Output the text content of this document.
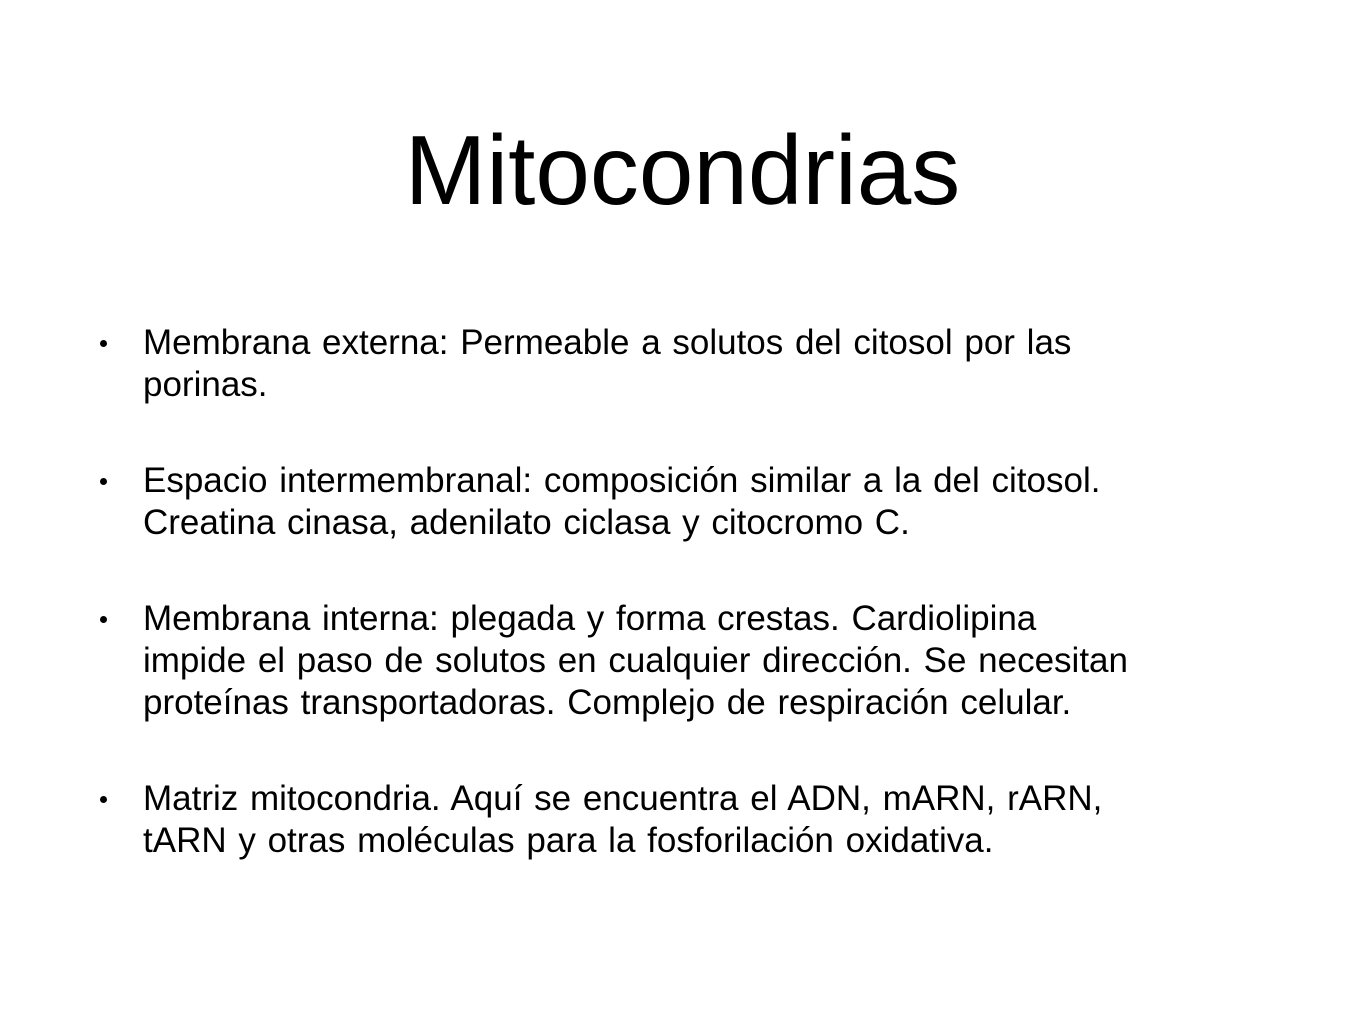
Mitocondrias
Membrana externa: Permeable a solutos del citosol por las
porinas.
Espacio intermembranal: composición similar a la del citosol.
Creatina cinasa, adenilato ciclasa y citocromo C.
Membrana interna: plegada y forma crestas. Cardiolipina
impide el paso de solutos en cualquier dirección. Se necesitan
proteínas transportadoras. Complejo de respiración celular.
Matriz mitocondria. Aquí se encuentra el ADN, mARN, rARN,
tARN y otras moléculas para la fosforilación oxidativa.
